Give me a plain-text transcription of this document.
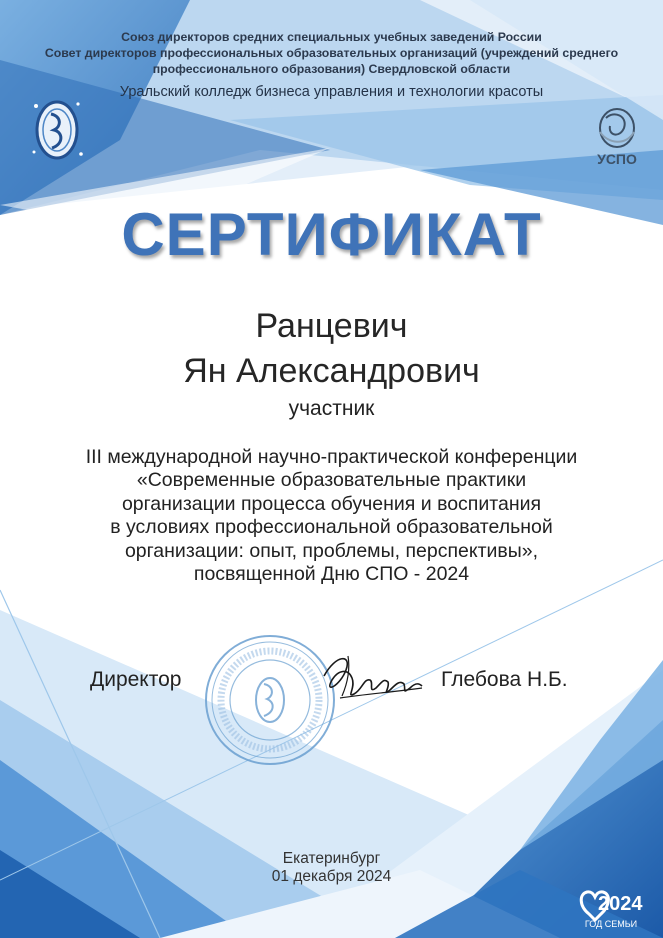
Союз директоров средних специальных учебных заведений России
Совет директоров профессиональных образовательных организаций (учреждений среднего
профессионального образования) Свердловской области
Уральский колледж бизнеса управления и технологии красоты
УСПО
СЕРТИФИКАТ
Ранцевич
Ян Александрович
участник
III международной научно-практической конференции
«Современные образовательные практики
организации процесса обучения и воспитания
в условиях профессиональной образовательной
организации: опыт, проблемы, перспективы»,
посвященной Дню СПО - 2024
Директор	Глебова Н.Б.
Екатеринбург
01 декабря 2024
2024
ГОД СЕМЬИ
